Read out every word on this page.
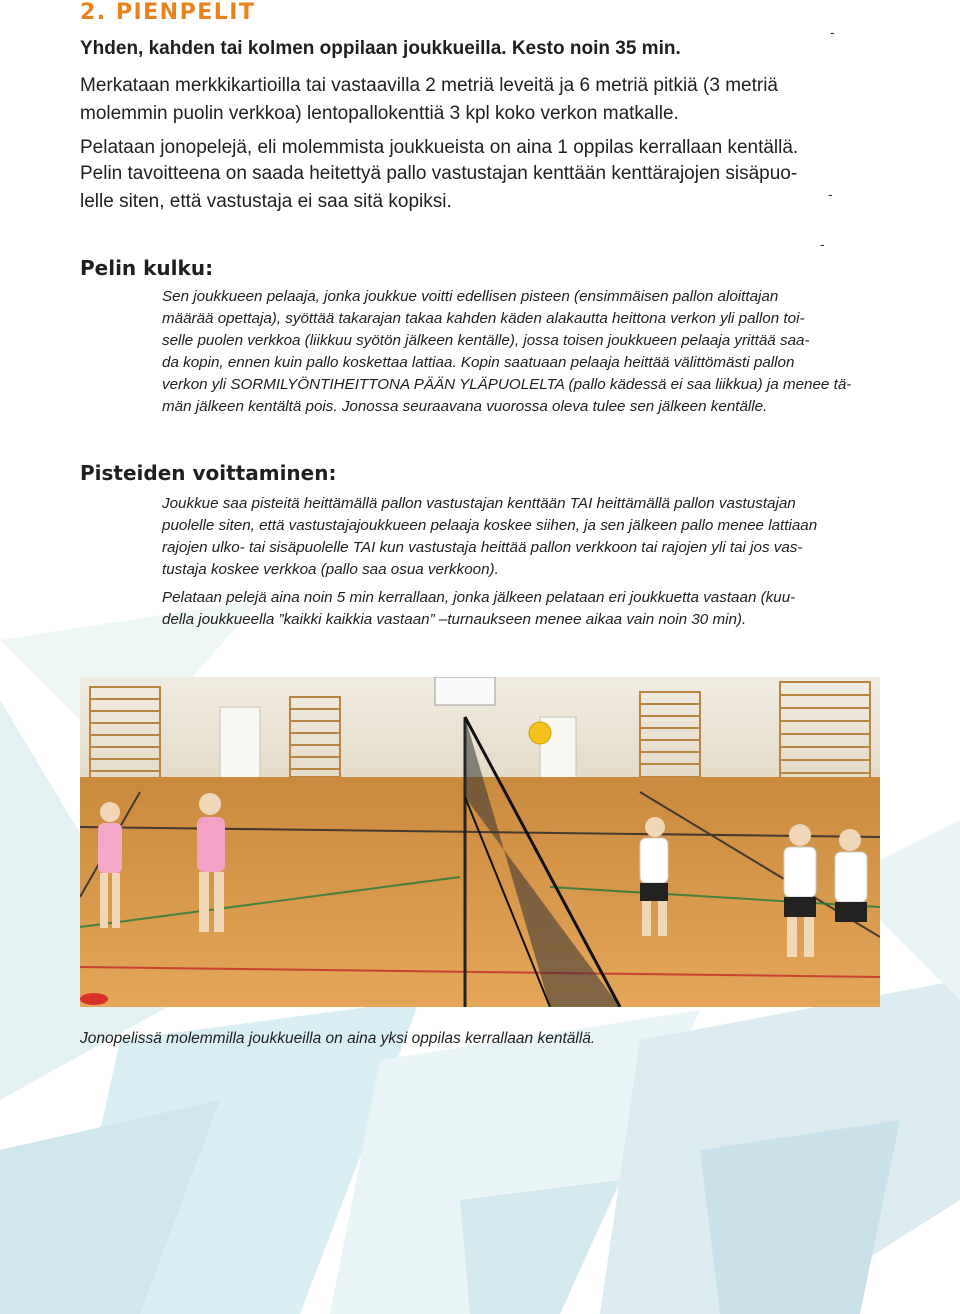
2. PIENPELIT

Yhden, kahden tai kolmen oppilaan joukkueilla. Kesto noin 35 min.

Merkataan merkkikartioilla tai vastaavilla 2 metriä leveitä ja 6 metriä pitkiä (3 metriä

molemmin puolin verkkoa) lentopallokenttiä 3 kpl koko verkon matkalle.

Pelataan jonopelejä, eli molemmista joukkueista on aina 1 oppilas kerrallaan kentällä.

Pelin tavoitteena on saada heitettyä pallo vastustajan kenttään kenttärajojen sisäpuo-

lelle siten, että vastustaja ei saa sitä kopiksi.

-
-
-
Pelin kulku:

Sen joukkueen pelaaja, jonka joukkue voitti edellisen pisteen (ensimmäisen pallon aloittajan

määrää opettaja), syöttää takarajan takaa kahden käden alakautta heittona verkon yli pallon toi-

selle puolen verkkoa (liikkuu syötön jälkeen kentälle), jossa toisen joukkueen pelaaja yrittää saa-

da kopin, ennen kuin pallo koskettaa lattiaa. Kopin saatuaan pelaaja heittää välittömästi pallon

verkon yli SORMILYÖNTIHEITTONA PÄÄN YLÄPUOLELTA (pallo kädessä ei saa liikkua) ja menee tä-

män jälkeen kentältä pois. Jonossa seuraavana vuorossa oleva tulee sen jälkeen kentälle.

Pisteiden voittaminen:

Joukkue saa pisteitä heittämällä pallon vastustajan kenttään TAI heittämällä pallon vastustajan

puolelle siten, että vastustajajoukkueen pelaaja koskee siihen, ja sen jälkeen pallo menee lattiaan

rajojen ulko- tai sisäpuolelle TAI kun vastustaja heittää pallon verkkoon tai rajojen yli tai jos vas-

tustaja koskee verkkoa (pallo saa osua verkkoon).

Pelataan pelejä aina noin 5 min kerrallaan, jonka jälkeen pelataan eri joukkuetta vastaan (kuu-

della joukkueella ”kaikki kaikkia vastaan” –turnaukseen menee aikaa vain noin 30 min).

Jonopelissä molemmilla joukkueilla on aina yksi oppilas kerrallaan kentällä.
